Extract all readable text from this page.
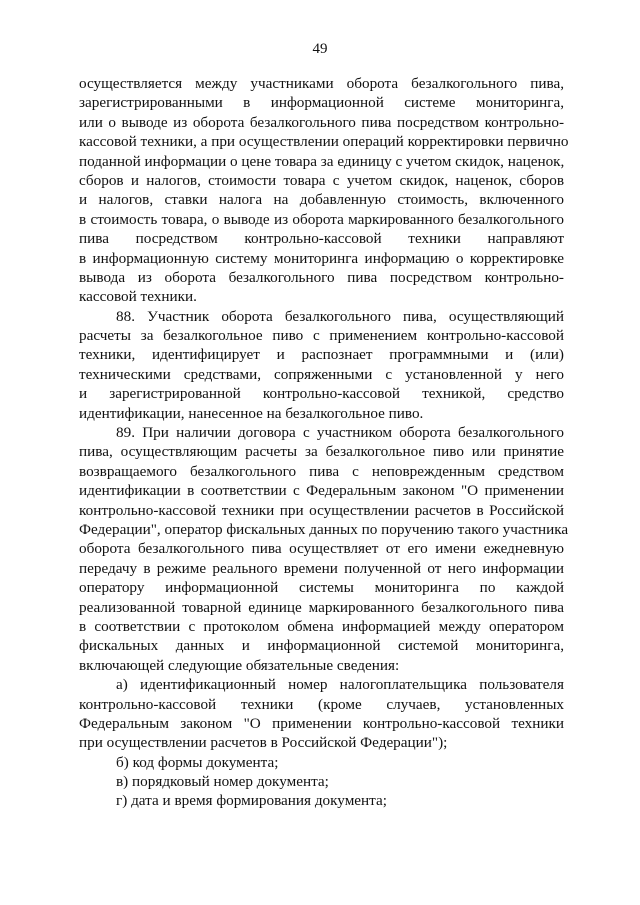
49
осуществляется между участниками оборота безалкогольного пива,
зарегистрированными в информационной системе мониторинга,
или о выводе из оборота безалкогольного пива посредством контрольно-
кассовой техники, а при осуществлении операций корректировки первично
поданной информации о цене товара за единицу с учетом скидок, наценок,
сборов и налогов, стоимости товара с учетом скидок, наценок, сборов
и налогов, ставки налога на добавленную стоимость, включенного
в стоимость товара, о выводе из оборота маркированного безалкогольного
пива посредством контрольно-кассовой техники направляют
в информационную систему мониторинга информацию о корректировке
вывода из оборота безалкогольного пива посредством контрольно-
кассовой техники.
88. Участник оборота безалкогольного пива, осуществляющий
расчеты за безалкогольное пиво с применением контрольно-кассовой
техники, идентифицирует и распознает программными и (или)
техническими средствами, сопряженными с установленной у него
и зарегистрированной контрольно-кассовой техникой, средство
идентификации, нанесенное на безалкогольное пиво.
89. При наличии договора с участником оборота безалкогольного
пива, осуществляющим расчеты за безалкогольное пиво или принятие
возвращаемого безалкогольного пива с неповрежденным средством
идентификации в соответствии с Федеральным законом "О применении
контрольно-кассовой техники при осуществлении расчетов в Российской
Федерации", оператор фискальных данных по поручению такого участника
оборота безалкогольного пива осуществляет от его имени ежедневную
передачу в режиме реального времени полученной от него информации
оператору информационной системы мониторинга по каждой
реализованной товарной единице маркированного безалкогольного пива
в соответствии с протоколом обмена информацией между оператором
фискальных данных и информационной системой мониторинга,
включающей следующие обязательные сведения:
а) идентификационный номер налогоплательщика пользователя
контрольно-кассовой техники (кроме случаев, установленных
Федеральным законом "О применении контрольно-кассовой техники
при осуществлении расчетов в Российской Федерации");
б) код формы документа;
в) порядковый номер документа;
г) дата и время формирования документа;
